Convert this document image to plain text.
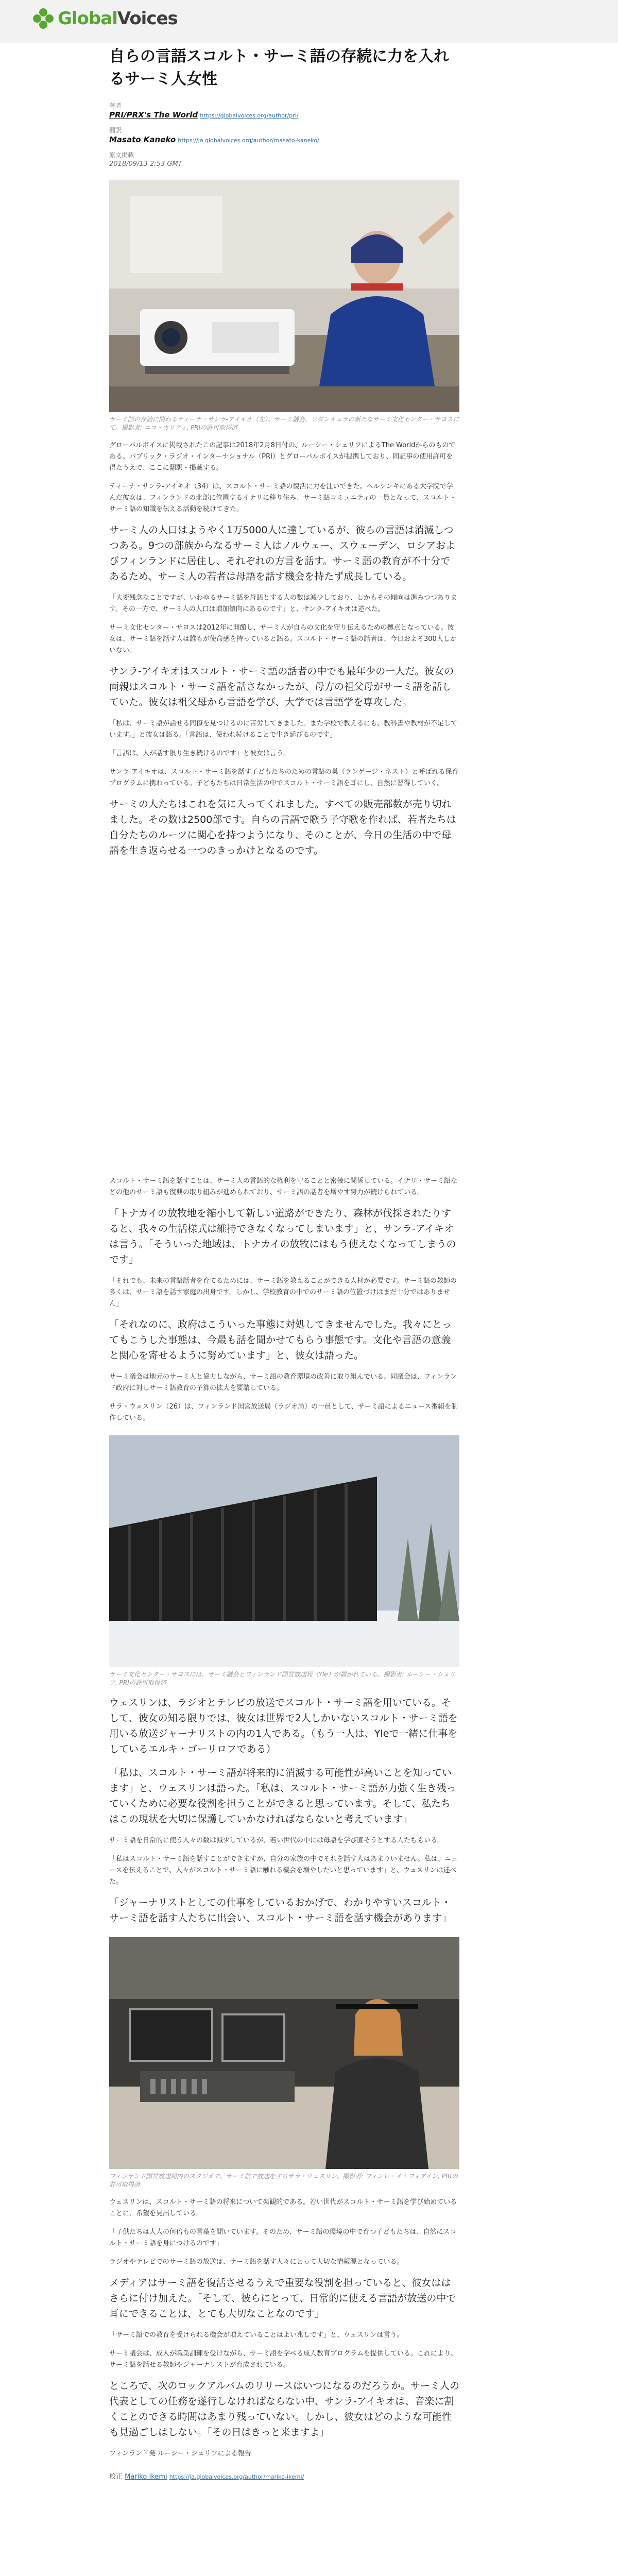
GlobalVoices
自らの言語スコルト・サーミ語の存続に力を入れるサーミ人女性
著者
PRI/PRX's The World https://globalvoices.org/author/pri/
翻訳
Masato Kaneko https://ja.globalvoices.org/author/masato-kaneko/
原文掲載
2018/09/13 2:53 GMT
サーミ語の存続に関わるティーナ・サンラ-アイキオ（左）。サーミ議会、ソダンキュラの新たなサーミ文化センター・サヨスにて。撮影者: ニコ・カリティ, PRIの許可取得済

グローバルボイスに掲載されたこの記事は2018年2月8日付の、ルーシー・シェリフによるThe Worldからのものである。パブリック・ラジオ・インターナショナル（PRI）とグローバルボイスが提携しており、同記事の使用許可を得たうえで、ここに翻訳・掲載する。

ティーナ・サンラ-アイキオ（34）は、スコルト・サーミ語の復活に力を注いできた。ヘルシンキにある大学院で学んだ彼女は、フィンランドの北部に位置するイナリに移り住み、サーミ語コミュニティの一員となって、スコルト・サーミ語の知識を伝える活動を続けてきた。

サーミ人の人口はようやく1万5000人に達しているが、彼らの言語は消滅しつつある。9つの部族からなるサーミ人はノルウェー、スウェーデン、ロシアおよびフィンランドに居住し、それぞれの方言を話す。サーミ語の教育が不十分であるため、サーミ人の若者は母語を話す機会を持たず成長している。

「大変残念なことですが、いわゆるサーミ語を母語とする人の数は減少しており、しかもその傾向は進みつつあります。その一方で、サーミ人の人口は増加傾向にあるのです」と、サンラ-アイキオは述べた。

サーミ文化センター・サヨスは2012年に開館し、サーミ人が自らの文化を守り伝えるための拠点となっている。彼女は、サーミ語を話す人は誰もが使命感を持っていると語る。スコルト・サーミ語の話者は、今日およそ300人しかいない。

サンラ-アイキオはスコルト・サーミ語の話者の中でも最年少の一人だ。彼女の両親はスコルト・サーミ語を話さなかったが、母方の祖父母がサーミ語を話していた。彼女は祖父母から言語を学び、大学では言語学を専攻した。

「私は、サーミ語が話せる同僚を見つけるのに苦労してきました。また学校で教えるにも、教科書や教材が不足しています。」と彼女は語る。「言語は、使われ続けることで生き延びるのです」

「言語は、人が話す限り生き続けるのです」と彼女は言う。

サンラ-アイキオは、スコルト・サーミ語を話す子どもたちのための言語の巣（ランゲージ・ネスト）と呼ばれる保育プログラムに携わっている。子どもたちは日常生活の中でスコルト・サーミ語を耳にし、自然に習得していく。

サーミの人たちはこれを気に入ってくれました。すべての販売部数が売り切れました。その数は2500部です。自らの言語で歌う子守歌を作れば、若者たちは自分たちのルーツに関心を持つようになり、そのことが、今日の生活の中で母語を生き返らせる一つのきっかけとなるのです。

スコルト・サーミ語を話すことは、サーミ人の言語的な権利を守ることと密接に関係している。イナリ・サーミ語などの他のサーミ語も復興の取り組みが進められており、サーミ語の話者を増やす努力が続けられている。

「トナカイの放牧地を縮小して新しい道路ができたり、森林が伐採されたりすると、我々の生活様式は維持できなくなってしまいます」と、サンラ-アイキオは言う。「そういった地域は、トナカイの放牧にはもう使えなくなってしまうのです」

「それでも、未来の言語話者を育てるためには、サーミ語を教えることができる人材が必要です。サーミ語の教師の多くは、サーミ語を話す家庭の出身です。しかし、学校教育の中でのサーミ語の位置づけはまだ十分ではありません」

「それなのに、政府はこういった事態に対処してきませんでした。我々にとってもこうした事態は、今最も話を聞かせてもらう事態です。文化や言語の意義と関心を寄せるように努めています」と、彼女は語った。

サーミ議会は地元のサーミ人と協力しながら、サーミ語の教育環境の改善に取り組んでいる。同議会は、フィンランド政府に対しサーミ語教育の予算の拡大を要請している。

サラ・ウェスリン（26）は、フィンランド国営放送局（ラジオ局）の一員として、サーミ語によるニュース番組を制作している。

サーミ文化センター・サヨスには、サーミ議会とフィンランド国営放送局（Yle）が置かれている。撮影者: ルーシー・シェリフ, PRIの許可取得済
ウェスリンは、ラジオとテレビの放送でスコルト・サーミ語を用いている。そして、彼女の知る限りでは、彼女は世界で2人しかいないスコルト・サーミ語を用いる放送ジャーナリストの内の1人である。（もう一人は、Yleで一緒に仕事をしているエルキ・ゴーリロフである）
「私は、スコルト・サーミ語が将来的に消滅する可能性が高いことを知っています」と、ウェスリンは語った。「私は、スコルト・サーミ語が力強く生き残っていくために必要な役割を担うことができると思っています。そして、私たちはこの現状を大切に保護していかなければならないと考えています」

サーミ語を日常的に使う人々の数は減少しているが、若い世代の中には母語を学び直そうとする人たちもいる。

「私はスコルト・サーミ語を話すことができますが、自分の家族の中でそれを話す人はあまりいません。私は、ニュースを伝えることで、人々がスコルト・サーミ語に触れる機会を増やしたいと思っています」と、ウェスリンは述べた。

「ジャーナリストとしての仕事をしているおかげで、わかりやすいスコルト・サーミ語を話す人たちに出会い、スコルト・サーミ語を話す機会があります」
フィンランド国営放送局内のスタジオで、サーミ語で放送をするサラ・ウェスリン。撮影者: フィンレ・イ・フォアイン, PRIの許可取得済

ウェスリンは、スコルト・サーミ語の将来について楽観的である。若い世代がスコルト・サーミ語を学び始めていることに、希望を見出している。

「子供たちは大人の何倍もの言葉を聞いています。そのため、サーミ語の環境の中で育つ子どもたちは、自然にスコルト・サーミ語を身につけるのです」

ラジオやテレビでのサーミ語の放送は、サーミ語を話す人々にとって大切な情報源となっている。

メディアはサーミ語を復活させるうえで重要な役割を担っていると、彼女ははさらに付け加えた。「そして、彼らにとって、日常的に使える言語が放送の中で耳にできることは、とても大切なことなのです」

「サーミ語での教育を受けられる機会が増えていることはよい兆しです」と、ウェスリンは言う。

サーミ議会は、成人が職業訓練を受けながら、サーミ語を学べる成人教育プログラムを提供している。これにより、サーミ語を話せる教師やジャーナリストが育成されている。

ところで、次のロックアルバムのリリースはいつになるのだろうか。サーミ人の代表としての任務を遂行しなければならない中、サンラ-アイキオは、音楽に割くことのできる時間はあまり残っていない。しかし、彼女はどのような可能性も見過ごしはしない。「その日はきっと来ますよ」

フィンランド発 ルーシー・シェリフによる報告

校正 Mariko Ikemi https://ja.globalvoices.org/author/mariko-ikemi/
